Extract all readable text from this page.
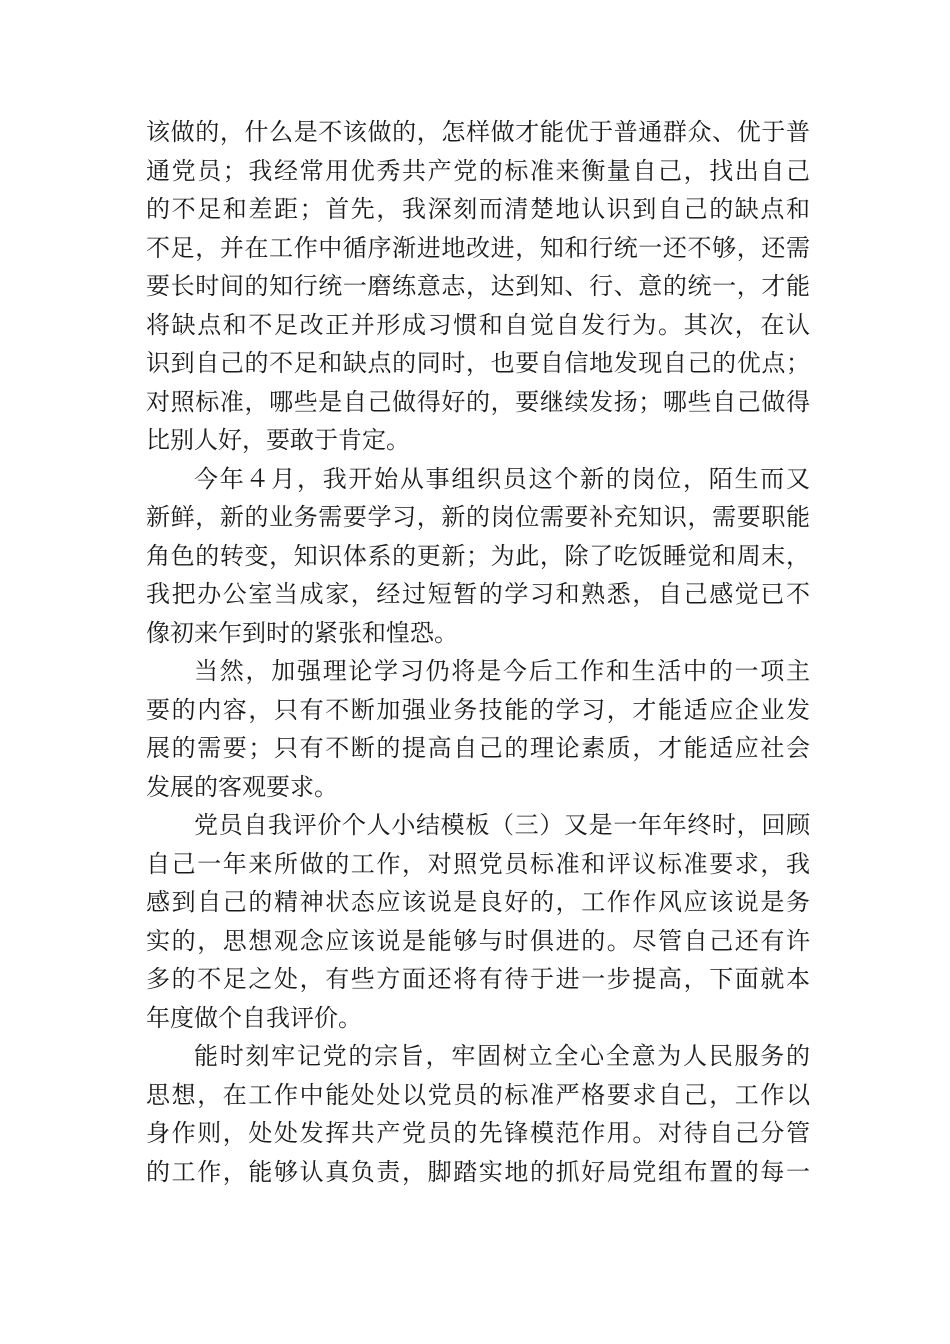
该做的，什么是不该做的，怎样做才能优于普通群众、优于普
通党员；我经常用优秀共产党的标准来衡量自己，找出自己
的不足和差距；首先，我深刻而清楚地认识到自己的缺点和
不足，并在工作中循序渐进地改进，知和行统一还不够，还需
要长时间的知行统一磨练意志，达到知、行、意的统一，才能
将缺点和不足改正并形成习惯和自觉自发行为。其次，在认
识到自己的不足和缺点的同时，也要自信地发现自己的优点；
对照标准，哪些是自己做得好的，要继续发扬；哪些自己做得
比别人好，要敢于肯定。
今年４月，我开始从事组织员这个新的岗位，陌生而又
新鲜，新的业务需要学习，新的岗位需要补充知识，需要职能
角色的转变，知识体系的更新；为此，除了吃饭睡觉和周末，
我把办公室当成家，经过短暂的学习和熟悉，自己感觉已不
像初来乍到时的紧张和惶恐。
当然，加强理论学习仍将是今后工作和生活中的一项主
要的内容，只有不断加强业务技能的学习，才能适应企业发
展的需要；只有不断的提高自己的理论素质，才能适应社会
发展的客观要求。
党员自我评价个人小结模板（三）又是一年年终时，回顾
自己一年来所做的工作，对照党员标准和评议标准要求，我
感到自己的精神状态应该说是良好的，工作作风应该说是务
实的，思想观念应该说是能够与时俱进的。尽管自己还有许
多的不足之处，有些方面还将有待于进一步提高，下面就本
年度做个自我评价。
能时刻牢记党的宗旨，牢固树立全心全意为人民服务的
思想，在工作中能处处以党员的标准严格要求自己，工作以
身作则，处处发挥共产党员的先锋模范作用。对待自己分管
的工作，能够认真负责，脚踏实地的抓好局党组布置的每一
